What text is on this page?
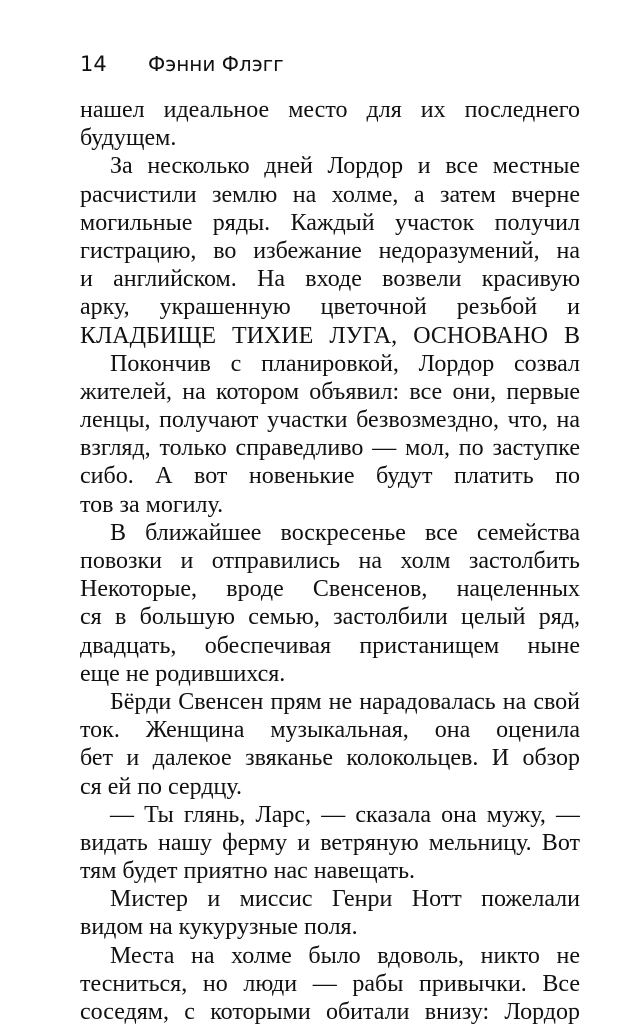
14 Фэнни Флэгг
нашел идеальное место для их последнего
будущем.
За несколько дней Лордор и все местные
расчистили землю на холме, а затем вчерне
могильные ряды. Каждый участок получил
гистрацию, во избежание недоразумений, на
и английском. На входе возвели красивую
арку, украшенную цветочной резьбой и
КЛАДБИЩЕ ТИХИЕ ЛУГА, ОСНОВАНО В
Покончив с планировкой, Лордор созвал
жителей, на котором объявил: все они, первые
ленцы, получают участки безвозмездно, что, на
взгляд, только справедливо — мол, по заступке
сибо. А вот новенькие будут платить по
тов за могилу.
В ближайшее воскресенье все семейства
повозки и отправились на холм застолбить
Некоторые, вроде Свенсенов, нацеленных
ся в большую семью, застолбили целый ряд,
двадцать, обеспечивая пристанищем ныне
еще не родившихся.
Бёрди Свенсен прям не нарадовалась на свой
ток. Женщина музыкальная, она оценила
бет и далекое звяканье колокольцев. И обзор
ся ей по сердцу.
— Ты глянь, Ларс, — сказала она мужу, —
видать нашу ферму и ветряную мельницу. Вот
тям будет приятно нас навещать.
Мистер и миссис Генри Нотт пожелали
видом на кукурузные поля.
Места на холме было вдоволь, никто не
тесниться, но люди — рабы привычки. Все
соседям, с которыми обитали внизу: Лордор
